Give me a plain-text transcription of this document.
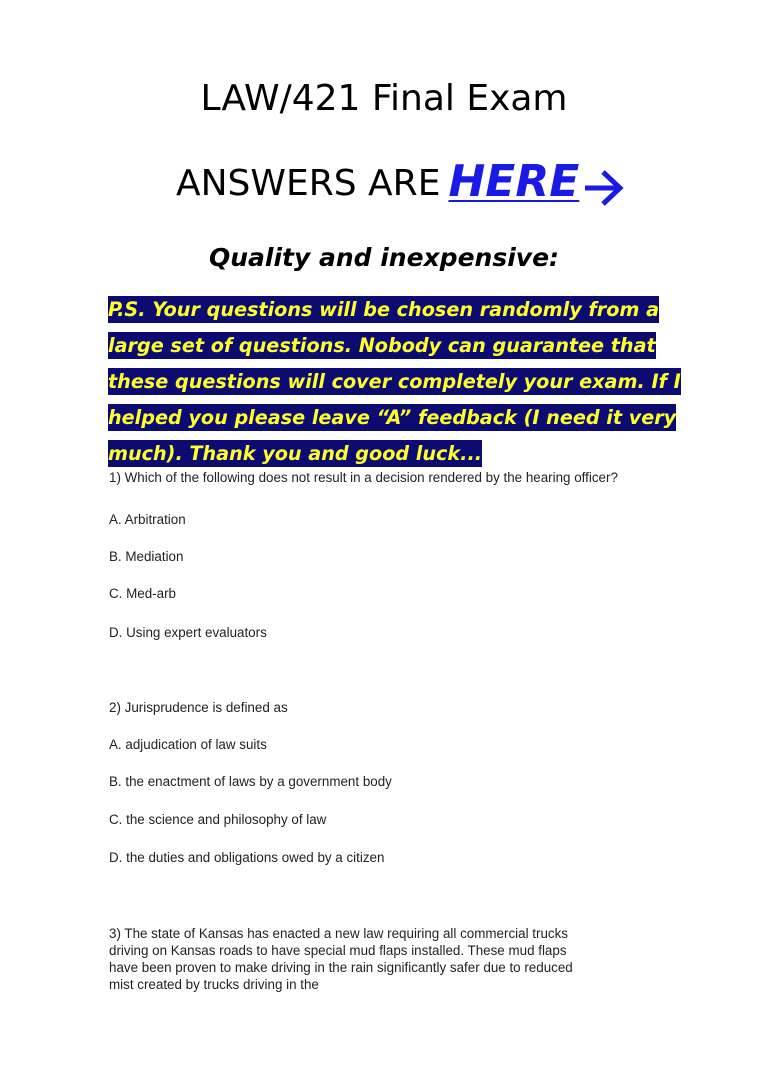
LAW/421 Final Exam
ANSWERS ARE HERE
Quality and inexpensive:
P.S. Your questions will be chosen randomly from a large set of questions. Nobody can guarantee that these questions will cover completely your exam. If I helped you please leave “A” feedback (I need it very much). Thank you and good luck...
1) Which of the following does not result in a decision rendered by the hearing officer?
A. Arbitration
B. Mediation
C. Med-arb
D. Using expert evaluators
2) Jurisprudence is defined as
A. adjudication of law suits
B. the enactment of laws by a government body
C. the science and philosophy of law
D. the duties and obligations owed by a citizen
3) The state of Kansas has enacted a new law requiring all commercial trucks driving on Kansas roads to have special mud flaps installed. These mud flaps have been proven to make driving in the rain significantly safer due to reduced mist created by trucks driving in the
